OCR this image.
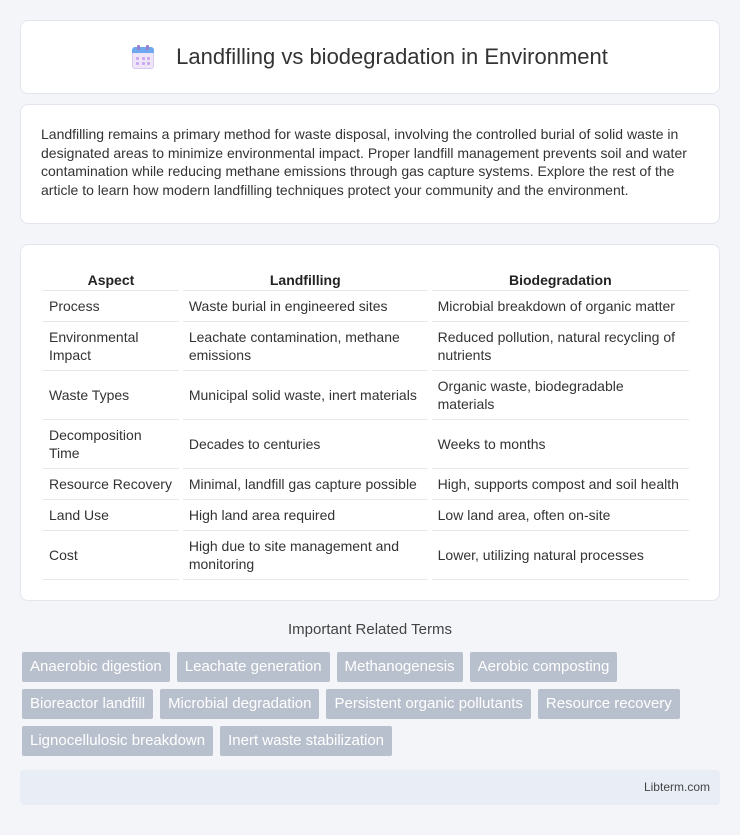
Landfilling vs biodegradation in Environment

Landfilling remains a primary method for waste disposal, involving the controlled burial of solid waste in designated areas to minimize environmental impact. Proper landfill management prevents soil and water contamination while reducing methane emissions through gas capture systems. Explore the rest of the article to learn how modern landfilling techniques protect your community and the environment.

Aspect	Landfilling	Biodegradation
Process	Waste burial in engineered sites	Microbial breakdown of organic matter
Environmental Impact	Leachate contamination, methane emissions	Reduced pollution, natural recycling of nutrients
Waste Types	Municipal solid waste, inert materials	Organic waste, biodegradable materials
Decomposition Time	Decades to centuries	Weeks to months
Resource Recovery	Minimal, landfill gas capture possible	High, supports compost and soil health
Land Use	High land area required	Low land area, often on-site
Cost	High due to site management and monitoring	Lower, utilizing natural processes
Important Related Terms
Anaerobic digestion	Leachate generation	Methanogenesis	Aerobic composting
Bioreactor landfill	Microbial degradation	Persistent organic pollutants	Resource recovery
Lignocellulosic breakdown	Inert waste stabilization
Libterm.com
